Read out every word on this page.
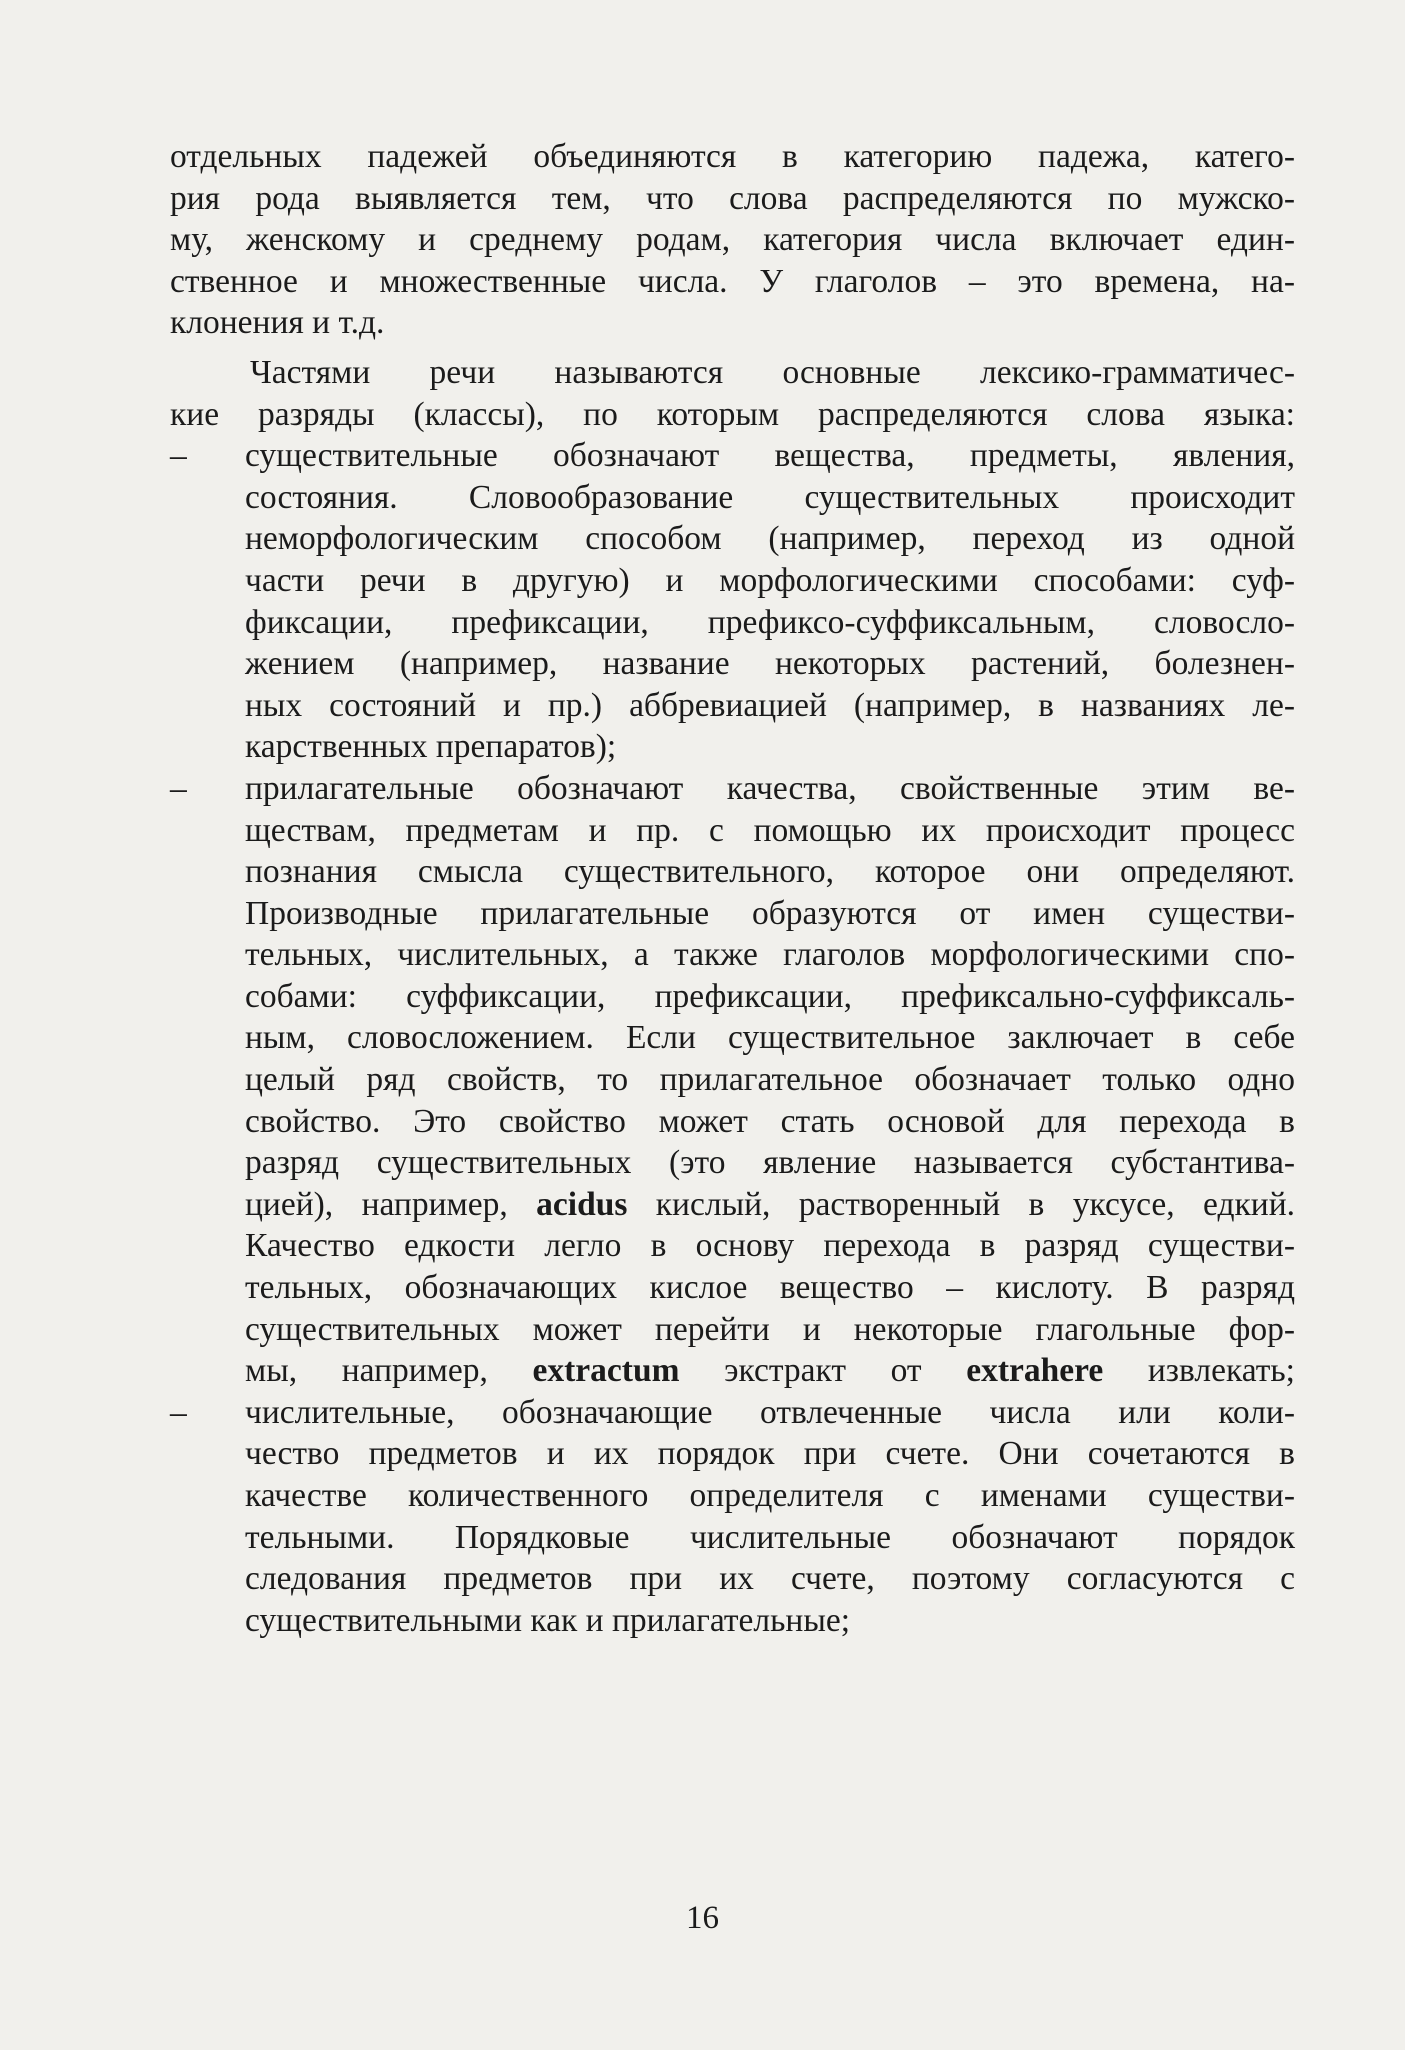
отдельных падежей объединяются в категорию падежа, катего-
рия рода выявляется тем, что слова распределяются по мужско-
му, женскому и среднему родам, категория числа включает един-
ственное и множественные числа. У глаголов – это времена, на-
клонения и т.д.
Частями речи называются основные лексико-грамматичес-
кие разряды (классы), по которым распределяются слова языка:
– существительные обозначают вещества, предметы, явления,
состояния. Словообразование существительных происходит
неморфологическим способом (например, переход из одной
части речи в другую) и морфологическими способами: суф-
фиксации, префиксации, префиксо-суффиксальным, словосло-
жением (например, название некоторых растений, болезнен-
ных состояний и пр.) аббревиацией (например, в названиях ле-
карственных препаратов);
– прилагательные обозначают качества, свойственные этим ве-
ществам, предметам и пр. с помощью их происходит процесс
познания смысла существительного, которое они определяют.
Производные прилагательные образуются от имен существи-
тельных, числительных, а также глаголов морфологическими спо-
собами: суффиксации, префиксации, префиксально-суффиксаль-
ным, словосложением. Если существительное заключает в себе
целый ряд свойств, то прилагательное обозначает только одно
свойство. Это свойство может стать основой для перехода в
разряд существительных (это явление называется субстантива-
цией), например, acidus кислый, растворенный в уксусе, едкий.
Качество едкости легло в основу перехода в разряд существи-
тельных, обозначающих кислое вещество – кислоту. В разряд
существительных может перейти и некоторые глагольные фор-
мы, например, extractum экстракт от extrahere извлекать;
– числительные, обозначающие отвлеченные числа или коли-
чество предметов и их порядок при счете. Они сочетаются в
качестве количественного определителя с именами существи-
тельными. Порядковые числительные обозначают порядок
следования предметов при их счете, поэтому согласуются с
существительными как и прилагательные;
16
